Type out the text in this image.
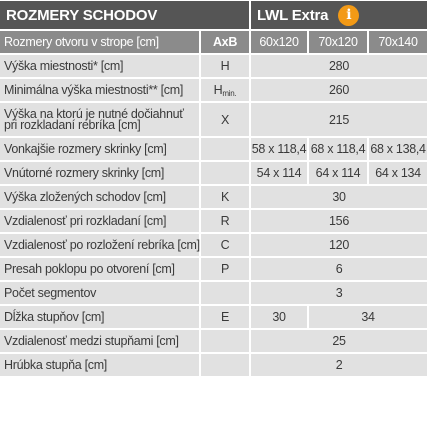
ROZMERY SCHODOV		LWL Extra i		

Rozmery otvoru v strope [cm]	AxB	60x120	70x120	70x140
Výška miestnosti* [cm]	H	280		
Minimálna výška miestnosti** [cm]	Hmin.	260		
Výška na ktorú je nutné dočiahnuť pri rozkladaní rebríka [cm]	X	215		
Vonkajšie rozmery skrinky [cm]		58 x 118,4	68 x 118,4	68 x 138,4
Vnútorné rozmery skrinky [cm]		54 x 114	64 x 114	64 x 134
Výška zložených schodov [cm]	K	30		
Vzdialenosť pri rozkladaní [cm]	R	156		
Vzdialenosť po rozložení rebríka [cm]	C	120		
Presah poklopu po otvorení [cm]	P	6		
Počet segmentov		3		
Dĺžka stupňov [cm]	E	30	34	
Vzdialenosť medzi stupňami [cm]		25		
Hrúbka stupňa [cm]		2		
